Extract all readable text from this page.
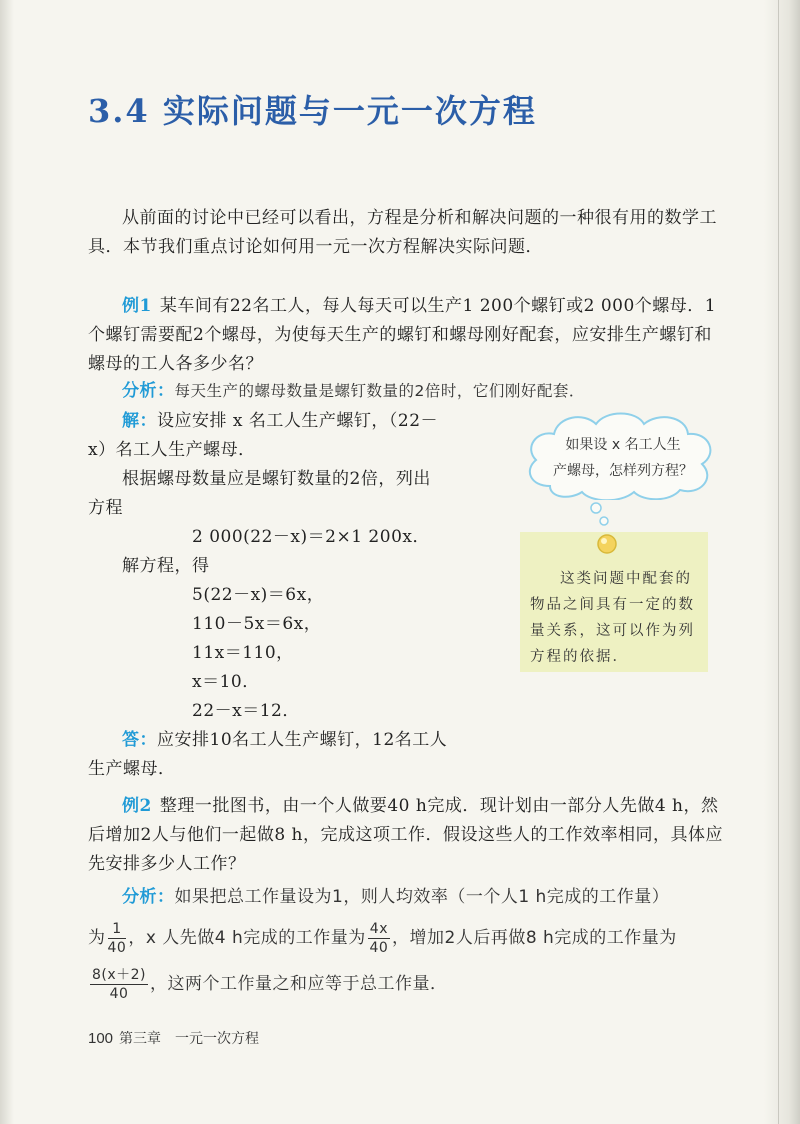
3.4 实际问题与一元一次方程
从前面的讨论中已经可以看出，方程是分析和解决问题的一种很有用的数学工具．本节我们重点讨论如何用一元一次方程解决实际问题．
例1 某车间有22名工人，每人每天可以生产1 200个螺钉或2 000个螺母．1个螺钉需要配2个螺母，为使每天生产的螺钉和螺母刚好配套，应安排生产螺钉和螺母的工人各多少名？
分析：每天生产的螺母数量是螺钉数量的2倍时，它们刚好配套．
解：设应安排 x 名工人生产螺钉，（22－
x）名工人生产螺母．
根据螺母数量应是螺钉数量的2倍，列出
方程
2 000(22－x)＝2×1 200x．
解方程，得
5(22－x)＝6x，
110－5x＝6x，
11x＝110，
x＝10．
22－x＝12．
答：应安排10名工人生产螺钉，12名工人
生产螺母．
如果设 x 名工人生
产螺母，怎样列方程？
这类问题中配套的物品之间具有一定的数量关系，这可以作为列方程的依据．
例2 整理一批图书，由一个人做要40 h完成．现计划由一部分人先做4 h，然后增加2人与他们一起做8 h，完成这项工作．假设这些人的工作效率相同，具体应先安排多少人工作？
分析：如果把总工作量设为1，则人均效率（一个人1 h完成的工作量）
为 $\frac{1}{40}$ ，x 人先做4 h完成的工作量为 $\frac{4x}{40}$ ，增加2人后再做8 h完成的工作量为
$\frac{8(x+2)}{40}$ ，这两个工作量之和应等于总工作量．
100 第三章 一元一次方程
